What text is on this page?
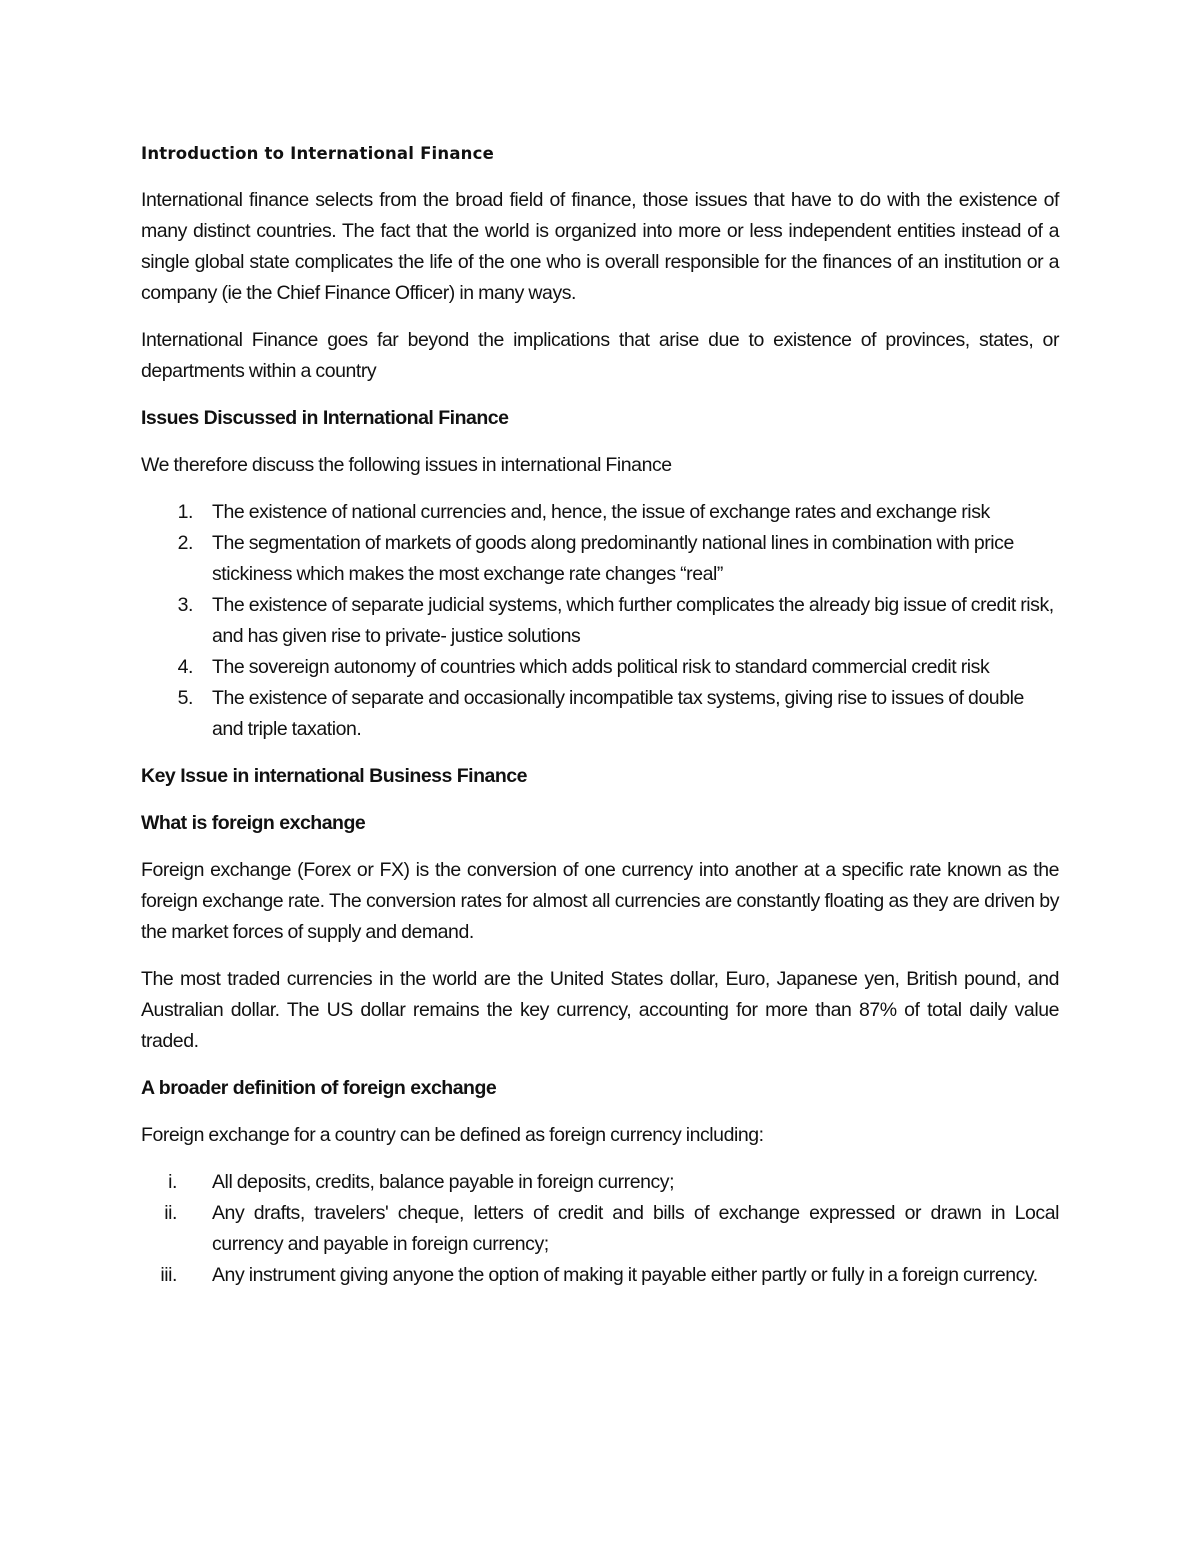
Introduction to International Finance

International finance selects from the broad field of finance, those issues that have to do with the existence of many distinct countries. The fact that the world is organized into more or less independent entities instead of a single global state complicates the life of the one who is overall responsible for the finances of an institution or a company (ie the Chief Finance Officer) in many ways.

International Finance goes far beyond the implications that arise due to existence of provinces, states, or departments within a country

Issues Discussed in International Finance

We therefore discuss the following issues in international Finance

1. The existence of national currencies and, hence, the issue of exchange rates and exchange risk
2. The segmentation of markets of goods along predominantly national lines in combination with price stickiness which makes the most exchange rate changes “real”
3. The existence of separate judicial systems, which further complicates the already big issue of credit risk, and has given rise to private- justice solutions
4. The sovereign autonomy of countries which adds political risk to standard commercial credit risk
5. The existence of separate and occasionally incompatible tax systems, giving rise to issues of double and triple taxation.
Key Issue in international Business Finance
What is foreign exchange

Foreign exchange (Forex or FX) is the conversion of one currency into another at a specific rate known as the foreign exchange rate. The conversion rates for almost all currencies are constantly floating as they are driven by the market forces of supply and demand.

The most traded currencies in the world are the United States dollar, Euro, Japanese yen, British pound, and Australian dollar. The US dollar remains the key currency, accounting for more than 87% of total daily value traded.

A broader definition of foreign exchange

Foreign exchange for a country can be defined as foreign currency including:

i. All deposits, credits, balance payable in foreign currency;
ii. Any drafts, travelers' cheque, letters of credit and bills of exchange expressed or drawn in Local currency and payable in foreign currency;
iii. Any instrument giving anyone the option of making it payable either partly or fully in a foreign currency.
